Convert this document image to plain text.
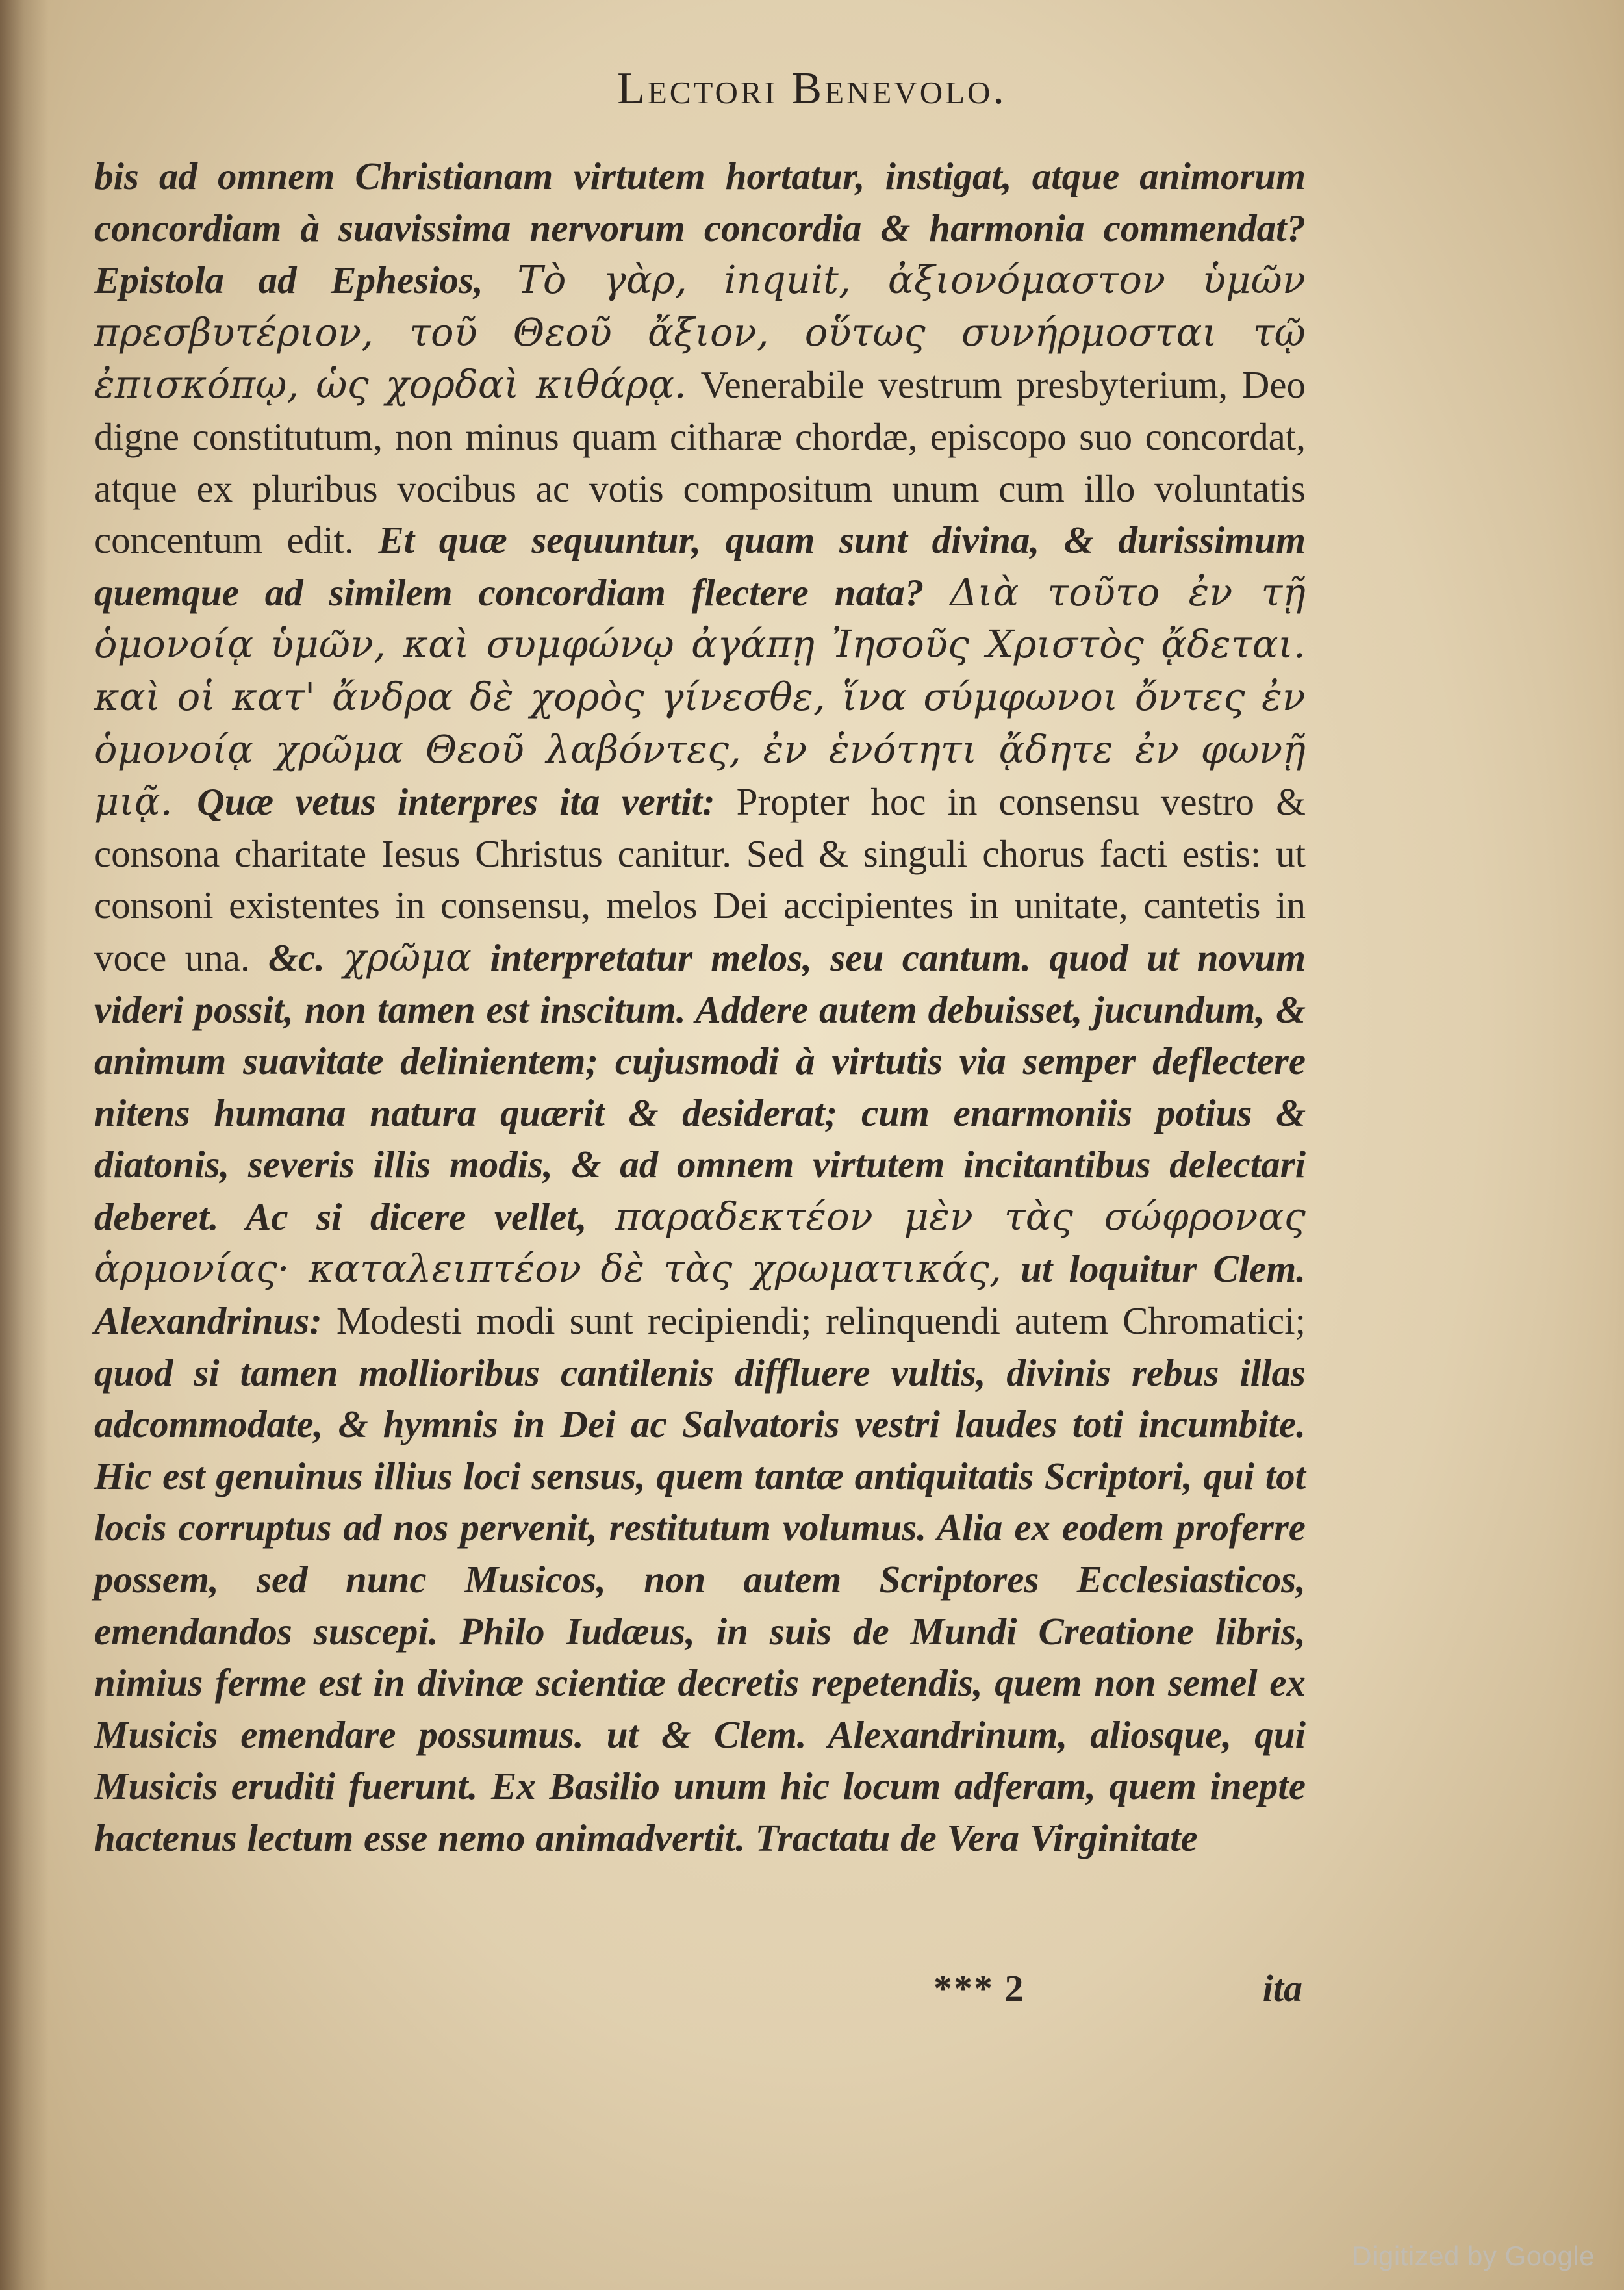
Lectori Benevolo.
bis ad omnem Christianam virtutem hortatur, instigat, atque animorum concordiam à suavissima nervorum concordia & harmonia commendat? Epistola ad Ephesios, Τὸ γὰρ, inquit, ἀξιονόμαστον ὑμῶν πρεσβυτέριον, τοῦ Θεοῦ ἄξιον, οὕτως συνήρμοσται τῷ ἐπισκόπῳ, ὡς χορδαὶ κιθάρᾳ. Venerabile vestrum presbyterium, Deo digne constitutum, non minus quam citharæ chordæ, episcopo suo concordat, atque ex pluribus vocibus ac votis compositum unum cum illo voluntatis concentum edit. Et quæ sequuntur, quam sunt divina, & durissimum quemque ad similem concordiam flectere nata? Διὰ τοῦτο ἐν τῇ ὁμονοίᾳ ὑμῶν, καὶ συμφώνῳ ἀγάπῃ Ἰησοῦς Χριστὸς ᾄδεται. καὶ οἱ κατ' ἄνδρα δὲ χορὸς γίνεσθε, ἵνα σύμφωνοι ὄντες ἐν ὁμονοίᾳ χρῶμα Θεοῦ λαβόντες, ἐν ἑνότητι ᾄδητε ἐν φωνῇ μιᾷ. Quæ vetus interpres ita vertit: Propter hoc in consensu vestro & consona charitate Iesus Christus canitur. Sed & singuli chorus facti estis: ut consoni existentes in consensu, melos Dei accipientes in unitate, cantetis in voce una. &c. χρῶμα interpretatur melos, seu cantum. quod ut novum videri possit, non tamen est inscitum. Addere autem debuisset, jucundum, & animum suavitate delinientem; cujusmodi à virtutis via semper deflectere nitens humana natura quærit & desiderat; cum enarmoniis potius & diatonis, severis illis modis, & ad omnem virtutem incitantibus delectari deberet. Ac si dicere vellet, παραδεκτέον μὲν τὰς σώφρονας ἁρμονίας· καταλειπτέον δὲ τὰς χρωματικάς, ut loquitur Clem. Alexandrinus: Modesti modi sunt recipiendi; relinquendi autem Chromatici; quod si tamen mollioribus cantilenis diffluere vultis, divinis rebus illas adcommodate, & hymnis in Dei ac Salvatoris vestri laudes toti incumbite. Hic est genuinus illius loci sensus, quem tantæ antiquitatis Scriptori, qui tot locis corruptus ad nos pervenit, restitutum volumus. Alia ex eodem proferre possem, sed nunc Musicos, non autem Scriptores Ecclesiasticos, emendandos suscepi. Philo Iudæus, in suis de Mundi Creatione libris, nimius ferme est in divinæ scientiæ decretis repetendis, quem non semel ex Musicis emendare possumus. ut & Clem. Alexandrinum, aliosque, qui Musicis eruditi fuerunt. Ex Basilio unum hic locum adferam, quem inepte hactenus lectum esse nemo animadvertit. Tractatu de Vera Virginitate
*** 2	ita
Digitized by Google
